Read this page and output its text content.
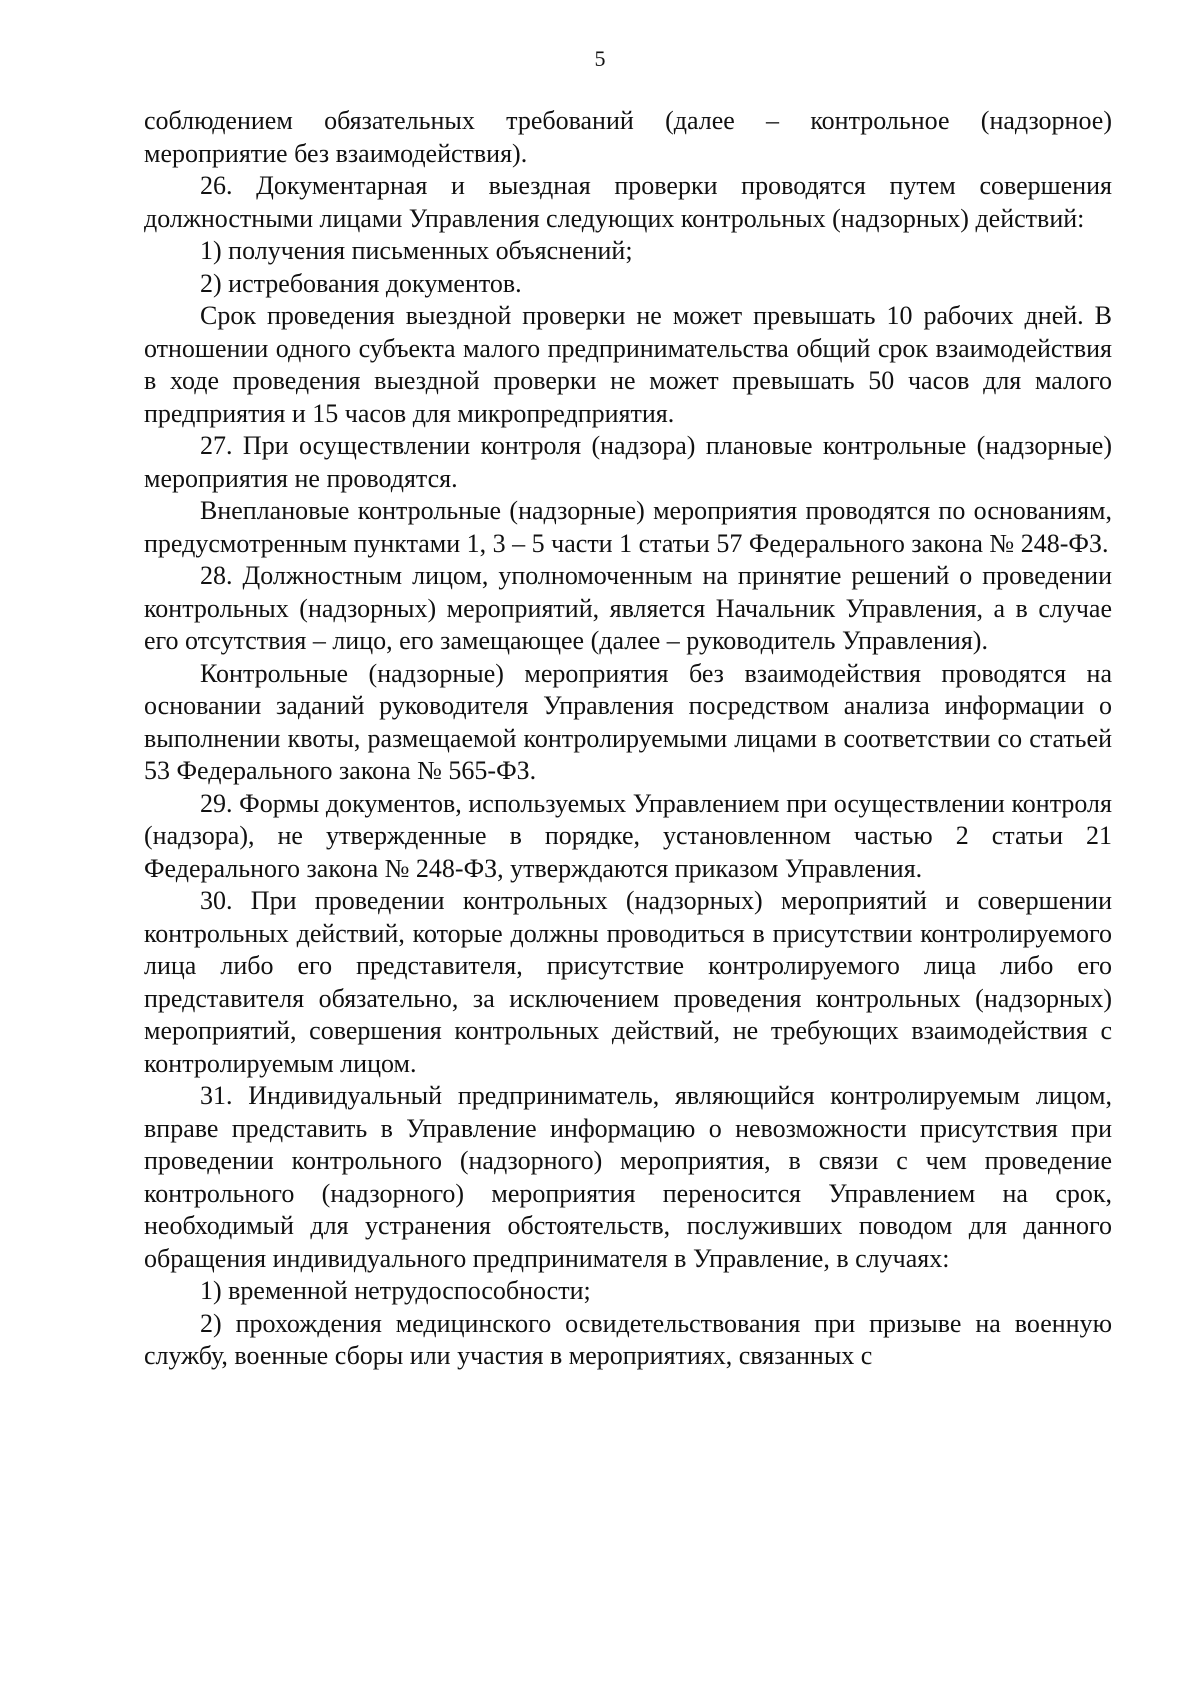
5

соблюдением обязательных требований (далее – контрольное (надзорное) мероприятие без взаимодействия).

26. Документарная и выездная проверки проводятся путем совершения должностными лицами Управления следующих контрольных (надзорных) действий:

1) получения письменных объяснений;

2) истребования документов.

Срок проведения выездной проверки не может превышать 10 рабочих дней. В отношении одного субъекта малого предпринимательства общий срок взаимодействия в ходе проведения выездной проверки не может превышать 50 часов для малого предприятия и 15 часов для микропредприятия.

27. При осуществлении контроля (надзора) плановые контрольные (надзорные) мероприятия не проводятся.

Внеплановые контрольные (надзорные) мероприятия проводятся по основаниям, предусмотренным пунктами 1, 3 – 5 части 1 статьи 57 Федерального закона № 248-ФЗ.

28. Должностным лицом, уполномоченным на принятие решений о проведении контрольных (надзорных) мероприятий, является Начальник Управления, а в случае его отсутствия – лицо, его замещающее (далее – руководитель Управления).

Контрольные (надзорные) мероприятия без взаимодействия проводятся на основании заданий руководителя Управления посредством анализа информации о выполнении квоты, размещаемой контролируемыми лицами в соответствии со статьей 53 Федерального закона № 565-ФЗ.

29. Формы документов, используемых Управлением при осуществлении контроля (надзора), не утвержденные в порядке, установленном частью 2 статьи 21 Федерального закона № 248-ФЗ, утверждаются приказом Управления.

30. При проведении контрольных (надзорных) мероприятий и совершении контрольных действий, которые должны проводиться в присутствии контролируемого лица либо его представителя, присутствие контролируемого лица либо его представителя обязательно, за исключением проведения контрольных (надзорных) мероприятий, совершения контрольных действий, не требующих взаимодействия с контролируемым лицом.

31. Индивидуальный предприниматель, являющийся контролируемым лицом, вправе представить в Управление информацию о невозможности присутствия при проведении контрольного (надзорного) мероприятия, в связи с чем проведение контрольного (надзорного) мероприятия переносится Управлением на срок, необходимый для устранения обстоятельств, послуживших поводом для данного обращения индивидуального предпринимателя в Управление, в случаях:

1) временной нетрудоспособности;

2) прохождения медицинского освидетельствования при призыве на военную службу, военные сборы или участия в мероприятиях, связанных с
